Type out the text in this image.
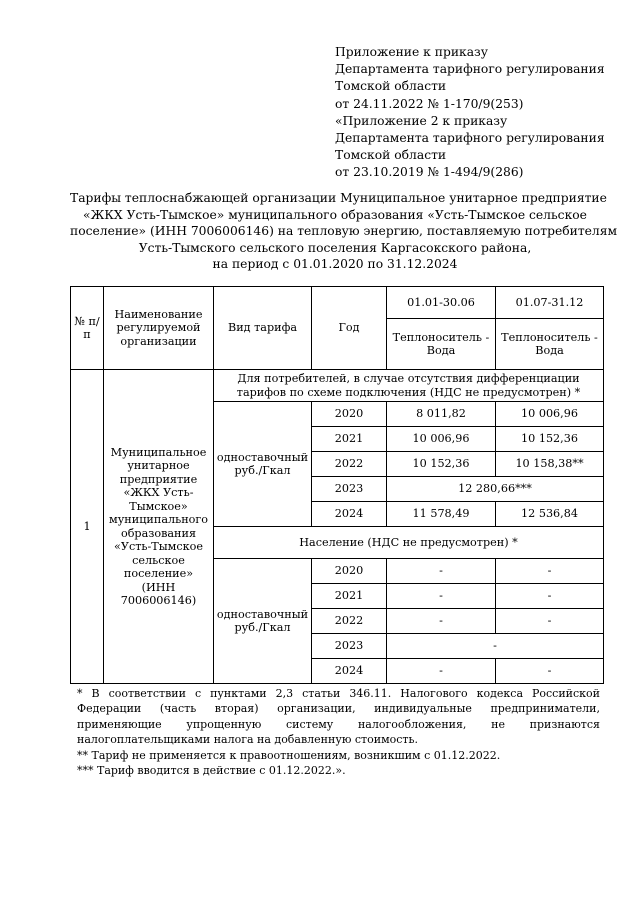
Приложение к приказу
Департамента тарифного регулирования
Томской области
от 24.11.2022 № 1-170/9(253)
«Приложение 2 к приказу
Департамента тарифного регулирования
Томской области
от 23.10.2019 № 1-494/9(286)
Тарифы теплоснабжающей организации Муниципальное унитарное предприятие
«ЖКХ Усть-Тымское» муниципального образования «Усть-Тымское сельское
поселение» (ИНН 7006006146) на тепловую энергию, поставляемую потребителям
Усть-Тымского сельского поселения Каргасокского района,
на период с 01.01.2020 по 31.12.2024
№ п/п	Наименование регулируемой организации	Вид тарифа	Год	01.01-30.06	01.07-31.12
				Теплоноситель - Вода	Теплоноситель - Вода
1	Муниципальное унитарное предприятие «ЖКХ Усть-Тымское» муниципального образования «Усть-Тымское сельское поселение» (ИНН 7006006146)	Для потребителей, в случае отсутствия дифференциации тарифов по схеме подключения (НДС не предусмотрен) *			
		одноставочный руб./Гкал	2020	8 011,82	10 006,96
			2021	10 006,96	10 152,36
			2022	10 152,36	10 158,38**
			2023	12 280,66***	
			2024	11 578,49	12 536,84
		Население (НДС не предусмотрен) *			
		одноставочный руб./Гкал	2020	-	-
			2021	-	-
			2022	-	-
			2023	-	
			2024	-	-

* В соответствии с пунктами 2,3 статьи 346.11. Налогового кодекса Российской Федерации (часть вторая) организации, индивидуальные предприниматели, применяющие упрощенную систему налогообложения, не признаются налогоплательщиками налога на добавленную стоимость.

** Тариф не применяется к правоотношениям, возникшим с 01.12.2022.

*** Тариф вводится в действие с 01.12.2022.».
